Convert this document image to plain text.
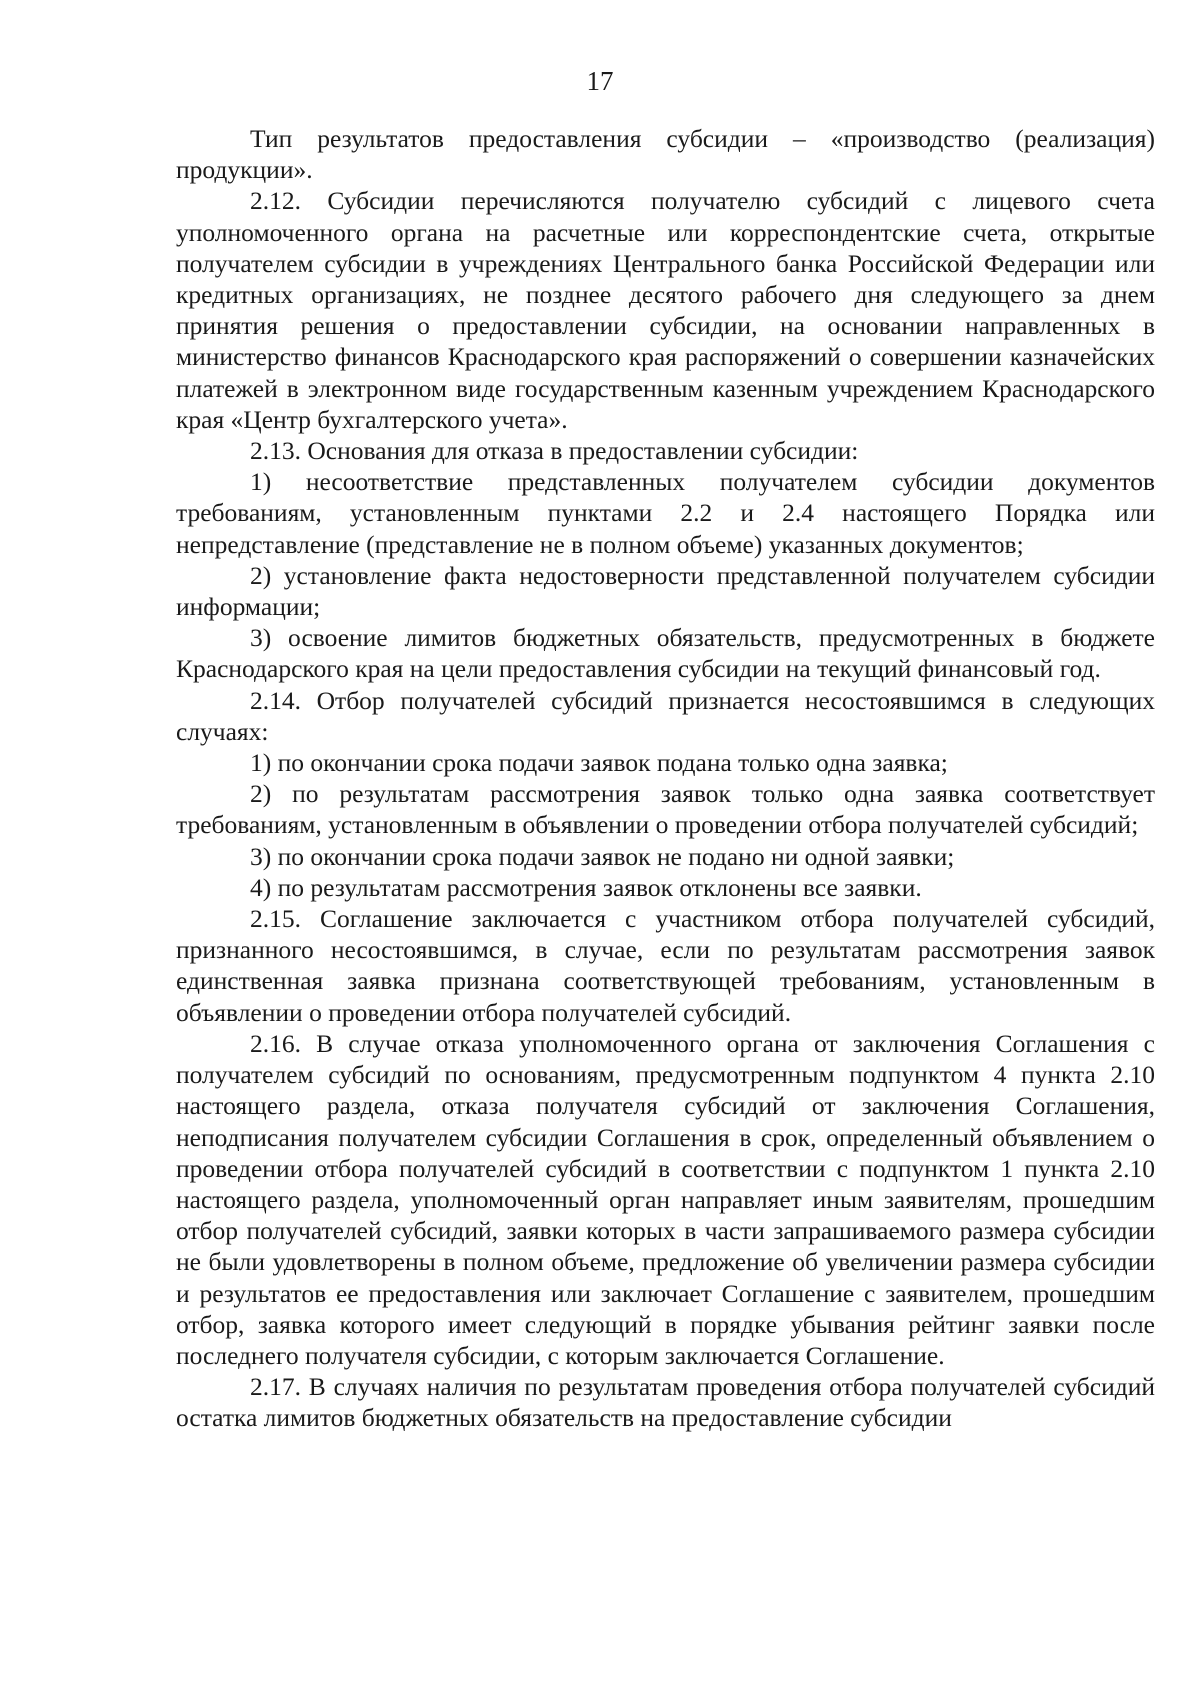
17

Тип результатов предоставления субсидии – «производство (реализация) продукции».

2.12. Субсидии перечисляются получателю субсидий с лицевого счета уполномоченного органа на расчетные или корреспондентские счета, открытые получателем субсидии в учреждениях Центрального банка Российской Федерации или кредитных организациях, не позднее десятого рабочего дня следующего за днем принятия решения о предоставлении субсидии, на основании направленных в министерство финансов Краснодарского края распоряжений о совершении казначейских платежей в электронном виде государственным казенным учреждением Краснодарского края «Центр бухгалтерского учета».

2.13. Основания для отказа в предоставлении субсидии:

1) несоответствие представленных получателем субсидии документов требованиям, установленным пунктами 2.2 и 2.4 настоящего Порядка или непредставление (представление не в полном объеме) указанных документов;

2) установление факта недостоверности представленной получателем субсидии информации;

3) освоение лимитов бюджетных обязательств, предусмотренных в бюджете Краснодарского края на цели предоставления субсидии на текущий финансовый год.

2.14. Отбор получателей субсидий признается несостоявшимся в следующих случаях:

1) по окончании срока подачи заявок подана только одна заявка;

2) по результатам рассмотрения заявок только одна заявка соответствует требованиям, установленным в объявлении о проведении отбора получателей субсидий;

3) по окончании срока подачи заявок не подано ни одной заявки;

4) по результатам рассмотрения заявок отклонены все заявки.

2.15. Соглашение заключается с участником отбора получателей субсидий, признанного несостоявшимся, в случае, если по результатам рассмотрения заявок единственная заявка признана соответствующей требованиям, установленным в объявлении о проведении отбора получателей субсидий.

2.16. В случае отказа уполномоченного органа от заключения Соглашения с получателем субсидий по основаниям, предусмотренным подпунктом 4 пункта 2.10 настоящего раздела, отказа получателя субсидий от заключения Соглашения, неподписания получателем субсидии Соглашения в срок, определенный объявлением о проведении отбора получателей субсидий в соответствии с подпунктом 1 пункта 2.10 настоящего раздела, уполномоченный орган направляет иным заявителям, прошедшим отбор получателей субсидий, заявки которых в части запрашиваемого размера субсидии не были удовлетворены в полном объеме, предложение об увеличении размера субсидии и результатов ее предоставления или заключает Соглашение с заявителем, прошедшим отбор, заявка которого имеет следующий в порядке убывания рейтинг заявки после последнего получателя субсидии, с которым заключается Соглашение.

2.17. В случаях наличия по результатам проведения отбора получателей субсидий остатка лимитов бюджетных обязательств на предоставление субсидии
